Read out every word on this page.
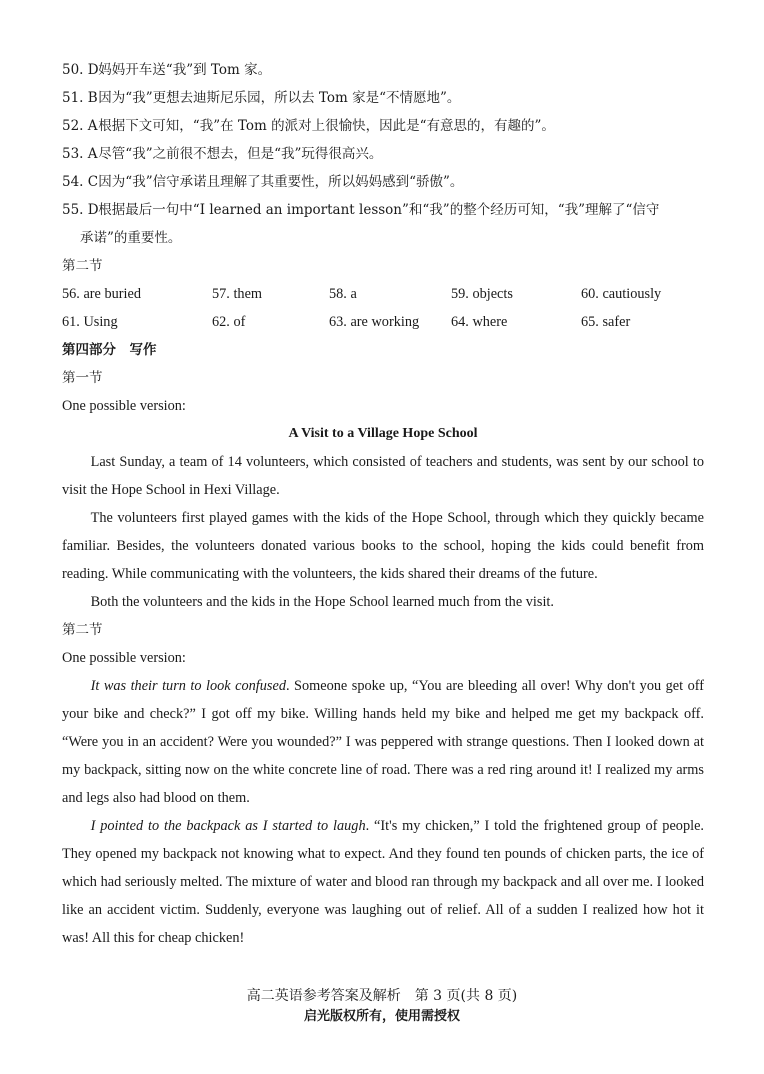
50. D 妈妈开车送“我”到 Tom 家。
51. B 因为“我”更想去迪斯尼乐园，所以去 Tom 家是“不情愿地”。
52. A 根据下文可知，“我”在 Tom 的派对上很愉快，因此是“有意思的，有趣的”。
53. A 尽管“我”之前很不想去，但是“我”玩得很高兴。
54. C 因为“我”信守承诺且理解了其重要性，所以妈妈感到“骄傲”。
55. D 根据最后一句中“I learned an important lesson”和“我”的整个经历可知，“我”理解了“信守
承诺”的重要性。
第二节
56. are buried	57. them	58. a	59. objects	60. cautiously
61. Using	62. of	63. are working	64. where	65. safer
第四部分　写作
第一节
One possible version:
A Visit to a Village Hope School
Last Sunday, a team of 14 volunteers, which consisted of teachers and students, was sent by our school to visit the Hope School in Hexi Village.
The volunteers first played games with the kids of the Hope School, through which they quickly became familiar. Besides, the volunteers donated various books to the school, hoping the kids could benefit from reading. While communicating with the volunteers, the kids shared their dreams of the future.
Both the volunteers and the kids in the Hope School learned much from the visit.
第二节
One possible version:
It was their turn to look confused. Someone spoke up, “You are bleeding all over! Why don't you get off your bike and check?” I got off my bike. Willing hands held my bike and helped me get my backpack off. “Were you in an accident? Were you wounded?” I was peppered with strange questions. Then I looked down at my backpack, sitting now on the white concrete line of road. There was a red ring around it! I realized my arms and legs also had blood on them.
I pointed to the backpack as I started to laugh. “It's my chicken,” I told the frightened group of people. They opened my backpack not knowing what to expect. And they found ten pounds of chicken parts, the ice of which had seriously melted. The mixture of water and blood ran through my backpack and all over me. I looked like an accident victim. Suddenly, everyone was laughing out of relief. All of a sudden I realized how hot it was! All this for cheap chicken!
高二英语参考答案及解析　第 3 页(共 8 页)
启光版权所有，使用需授权
